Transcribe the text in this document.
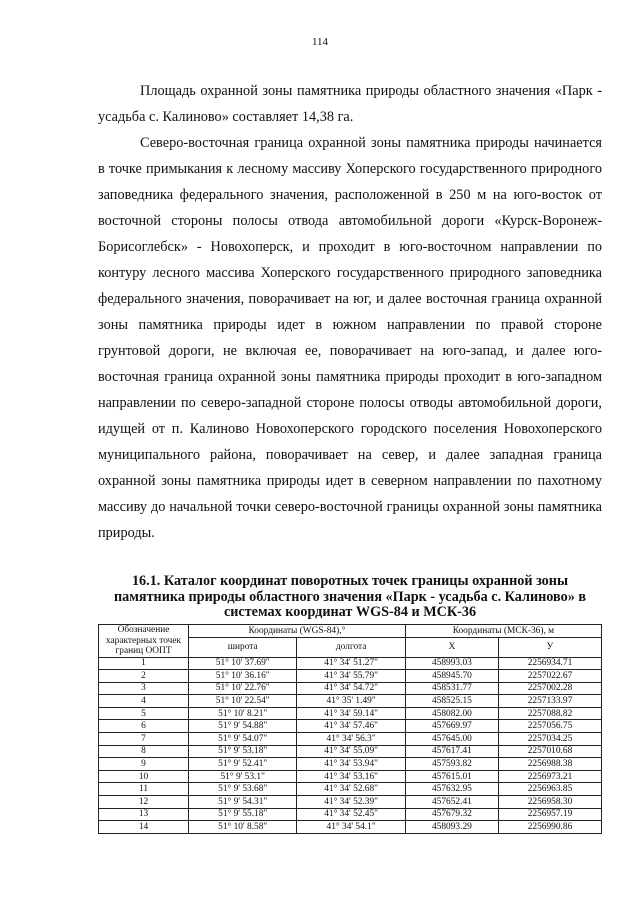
114

Площадь охранной зоны памятника природы областного значения «Парк - усадьба с. Калиново» составляет 14,38 га.

Северо-восточная граница охранной зоны памятника природы начинается в точке примыкания к лесному массиву Хоперского государственного природного заповедника федерального значения, расположенной в 250 м на юго-восток от восточной стороны полосы отвода автомобильной дороги «Курск-Воронеж-Борисоглебск» - Новохоперск, и проходит в юго-восточном направлении по контуру лесного массива Хоперского государственного природного заповедника федерального значения, поворачивает на юг, и далее восточная граница охранной зоны памятника природы идет в южном направлении по правой стороне грунтовой дороги, не включая ее, поворачивает на юго-запад, и далее юго-восточная граница охранной зоны памятника природы проходит в юго-западном направлении по северо-западной стороне полосы отводы автомобильной дороги, идущей от п. Калиново Новохоперского городского поселения Новохоперского муниципального района, поворачивает на север, и далее западная граница охранной зоны памятника природы идет в северном направлении по пахотному массиву до начальной точки северо-восточной границы охранной зоны памятника природы.

16.1. Каталог координат поворотных точек границы охранной зоны памятника природы областного значения «Парк - усадьба с. Калиново» в системах координат WGS-84 и МСК-36
Обозначение характерных точек границ ООПТ	Координаты (WGS-84),°		Координаты (МСК-36), м	
	широта	долгота	X	У
1	51° 10' 37.69"	41° 34' 51.27"	458993.03	2256934.71
2	51° 10' 36.16"	41° 34' 55.79"	458945.70	2257022.67
3	51° 10' 22.76"	41° 34' 54.72"	458531.77	2257002.28
4	51° 10' 22.54"	41° 35' 1.49"	458525.15	2257133.97
5	51° 10' 8.21"	41° 34' 59.14"	458082.00	2257088.82
6	51° 9' 54.88"	41° 34' 57.46"	457669.97	2257056.75
7	51° 9' 54.07"	41° 34' 56.3"	457645.00	2257034.25
8	51° 9' 53.18"	41° 34' 55.09"	457617.41	2257010.68
9	51° 9' 52.41"	41° 34' 53.94"	457593.82	2256988.38
10	51° 9' 53.1"	41° 34' 53.16"	457615.01	2256973.21
11	51° 9' 53.68"	41° 34' 52.68"	457632.95	2256963.85
12	51° 9' 54.31"	41° 34' 52.39"	457652.41	2256958.30
13	51° 9' 55.18"	41° 34' 52.45"	457679.32	2256957.19
14	51° 10' 8.58"	41° 34' 54.1"	458093.29	2256990.86
